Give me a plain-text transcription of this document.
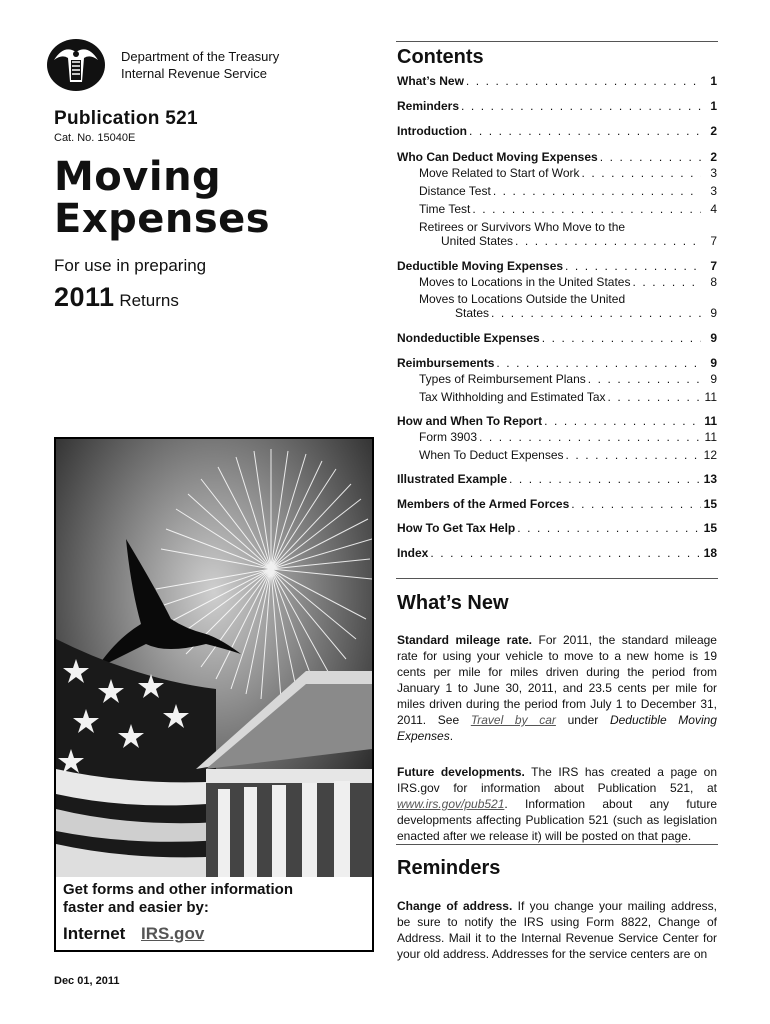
Department of the Treasury
Internal Revenue Service
Publication 521
Cat. No. 15040E
Moving
Expenses
For use in preparing
2011 Returns
Get forms and other information
faster and easier by:
Internet IRS.gov
Dec 01, 2011
Contents
What’s New . . .	1
Reminders . . .	1
Introduction . . .	2
Who Can Deduct Moving Expenses . . .	2
Move Related to Start of Work . . .	3
Distance Test . . .	3
Time Test . . .	4
Retirees or Survivors Who Move to the
United States . . .	7
Deductible Moving Expenses . . .	7
Moves to Locations in the United States . . .	8
Moves to Locations Outside the United
States . . .	9
Nondeductible Expenses . . .	9
Reimbursements . . .	9
Types of Reimbursement Plans . . .	9
Tax Withholding and Estimated Tax . . .	11
How and When To Report . . .	11
Form 3903 . . .	11
When To Deduct Expenses . . .	12
Illustrated Example . . .	13
Members of the Armed Forces . . .	15
How To Get Tax Help . . .	15
Index . . .	18
What’s New
Standard mileage rate. For 2011, the standard mileage rate for using your vehicle to move to a new home is 19 cents per mile for miles driven during the period from January 1 to June 30, 2011, and 23.5 cents per mile for miles driven during the period from July 1 to December 31, 2011. See Travel by car under Deductible Moving Expenses.
Future developments. The IRS has created a page on IRS.gov for information about Publication 521, at www.irs.gov/pub521. Information about any future developments affecting Publication 521 (such as legislation enacted after we release it) will be posted on that page.
Reminders
Change of address. If you change your mailing address, be sure to notify the IRS using Form 8822, Change of Address. Mail it to the Internal Revenue Service Center for your old address. Addresses for the service centers are on
